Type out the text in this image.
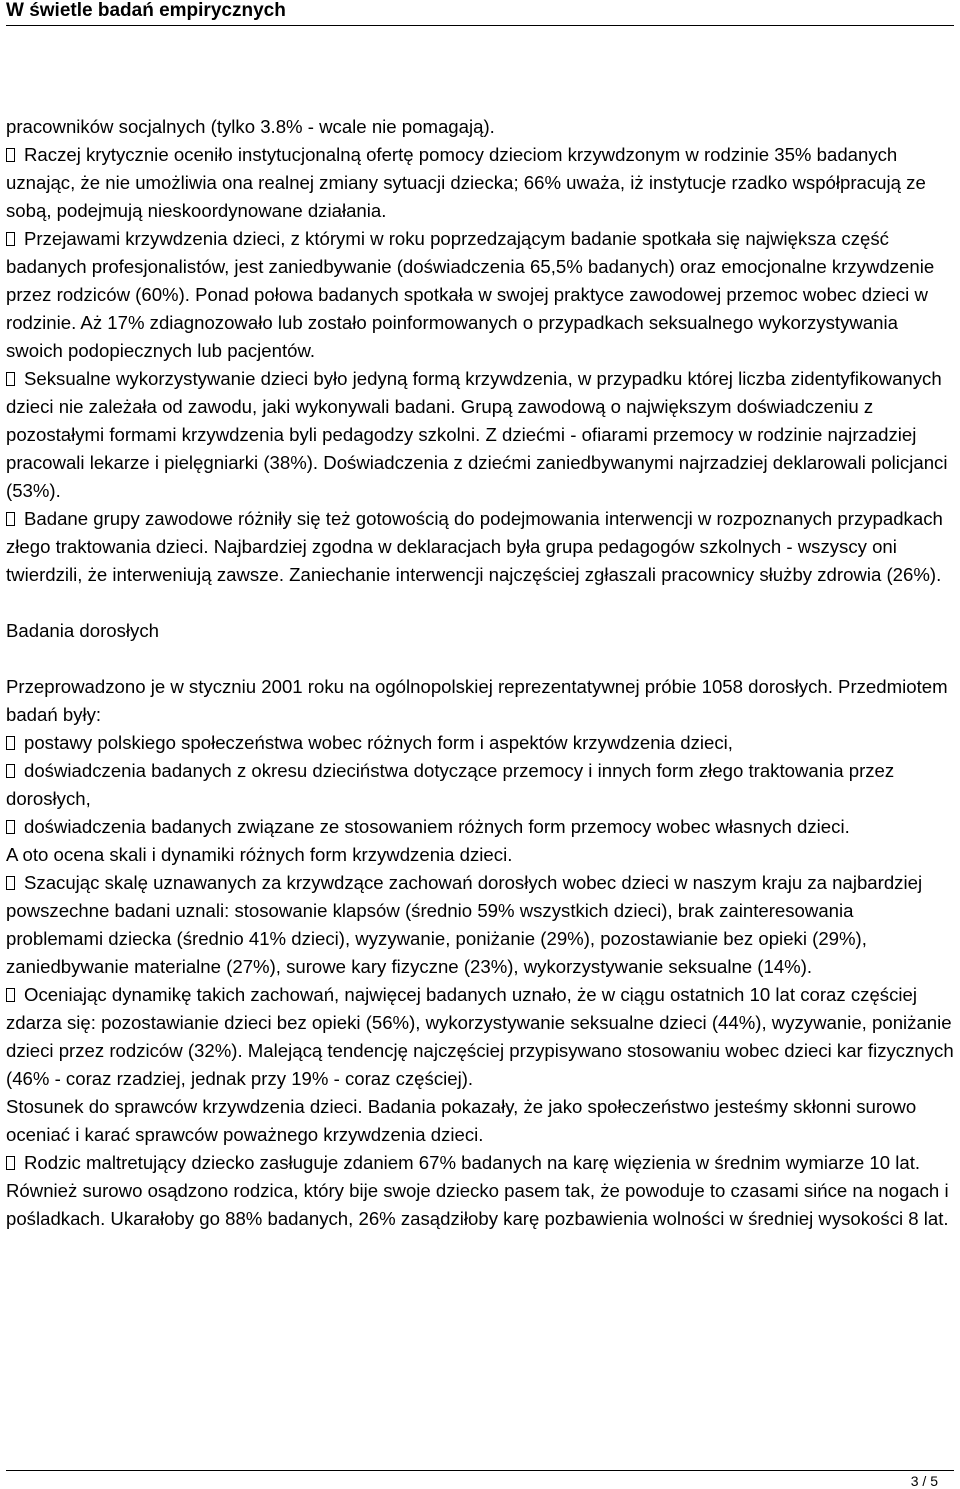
W świetle badań empirycznych

pracowników socjalnych (tylko 3.8% - wcale nie pomagają).

Raczej krytycznie oceniło instytucjonalną ofertę pomocy dzieciom krzywdzonym w rodzinie 35% badanych uznając, że nie umożliwia ona realnej zmiany sytuacji dziecka; 66% uważa, iż instytucje rzadko współpracują ze sobą, podejmują nieskoordynowane działania.

Przejawami krzywdzenia dzieci, z którymi w roku poprzedzającym badanie spotkała się największa część badanych profesjonalistów, jest zaniedbywanie (doświadczenia 65,5% badanych) oraz emocjonalne krzywdzenie przez rodziców (60%). Ponad połowa badanych spotkała w swojej praktyce zawodowej przemoc wobec dzieci w rodzinie. Aż 17% zdiagnozowało lub zostało poinformowanych o przypadkach seksualnego wykorzystywania swoich podopiecznych lub pacjentów.

Seksualne wykorzystywanie dzieci było jedyną formą krzywdzenia, w przypadku której liczba zidentyfikowanych dzieci nie zależała od zawodu, jaki wykonywali badani. Grupą zawodową o największym doświadczeniu z pozostałymi formami krzywdzenia byli pedagodzy szkolni. Z dziećmi - ofiarami przemocy w rodzinie najrzadziej pracowali lekarze i pielęgniarki (38%). Doświadczenia z dziećmi zaniedbywanymi najrzadziej deklarowali policjanci (53%).

Badane grupy zawodowe różniły się też gotowością do podejmowania interwencji w rozpoznanych przypadkach złego traktowania dzieci. Najbardziej zgodna w deklaracjach była grupa pedagogów szkolnych - wszyscy oni twierdzili, że interweniują zawsze. Zaniechanie interwencji najczęściej zgłaszali pracownicy służby zdrowia (26%).

Badania dorosłych

Przeprowadzono je w styczniu 2001 roku na ogólnopolskiej reprezentatywnej próbie 1058 dorosłych. Przedmiotem badań były:

postawy polskiego społeczeństwa wobec różnych form i aspektów krzywdzenia dzieci,

doświadczenia badanych z okresu dzieciństwa dotyczące przemocy i innych form złego traktowania przez dorosłych,

doświadczenia badanych związane ze stosowaniem różnych form przemocy wobec własnych dzieci.

A oto ocena skali i dynamiki różnych form krzywdzenia dzieci.

Szacując skalę uznawanych za krzywdzące zachowań dorosłych wobec dzieci w naszym kraju za najbardziej powszechne badani uznali: stosowanie klapsów (średnio 59% wszystkich dzieci), brak zainteresowania problemami dziecka (średnio 41% dzieci), wyzywanie, poniżanie (29%), pozostawianie bez opieki (29%), zaniedbywanie materialne (27%), surowe kary fizyczne (23%), wykorzystywanie seksualne (14%).

Oceniając dynamikę takich zachowań, najwięcej badanych uznało, że w ciągu ostatnich 10 lat coraz częściej zdarza się: pozostawianie dzieci bez opieki (56%), wykorzystywanie seksualne dzieci (44%), wyzywanie, poniżanie dzieci przez rodziców (32%). Malejącą tendencję najczęściej przypisywano stosowaniu wobec dzieci kar fizycznych (46% - coraz rzadziej, jednak przy 19% - coraz częściej).

Stosunek do sprawców krzywdzenia dzieci. Badania pokazały, że jako społeczeństwo jesteśmy skłonni surowo oceniać i karać sprawców poważnego krzywdzenia dzieci.

Rodzic maltretujący dziecko zasługuje zdaniem 67% badanych na karę więzienia w średnim wymiarze 10 lat. Również surowo osądzono rodzica, który bije swoje dziecko pasem tak, że powoduje to czasami sińce na nogach i pośladkach. Ukarałoby go 88% badanych, 26% zasądziłoby karę pozbawienia wolności w średniej wysokości 8 lat.

3 / 5
